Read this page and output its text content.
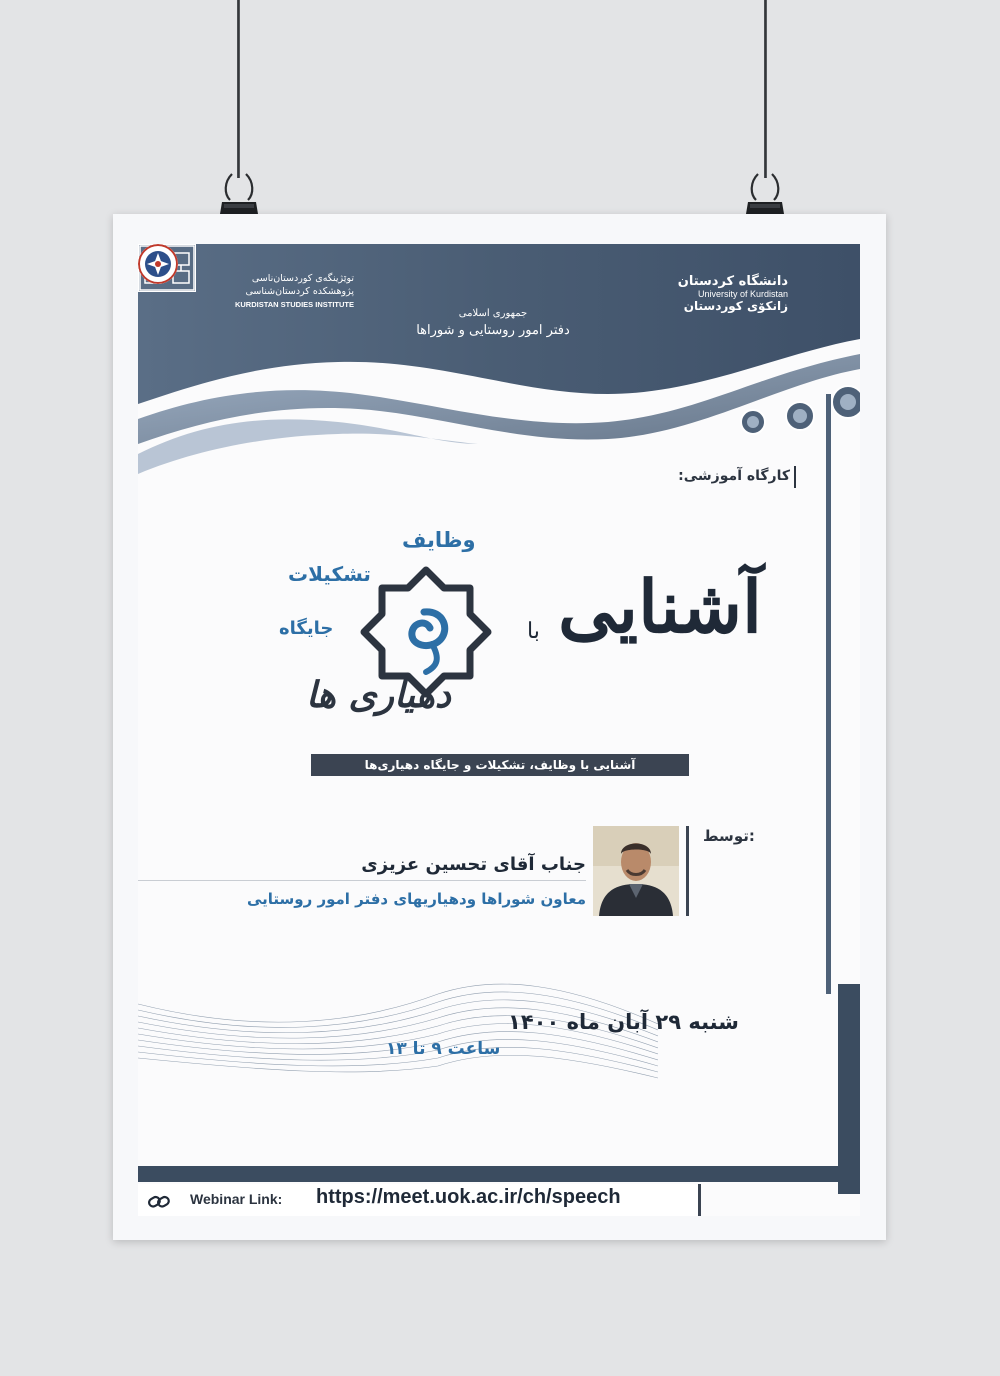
توێژینگەی کوردستان‌ناسی
پژوهشکده کردستان‌شناسی
KURDISTAN STUDIES INSTITUTE
جمهوری اسلامی
دفتر امور روستایی و شوراها
دانشگاه کردستان
University of Kurdistan
زانكۆی كوردستان
کارگاه آموزشی:
آشنایی
با
وظایف
تشکیلات
جایگاه
دهیاری ها
آشنایی با وظایف، تشکیلات و جایگاه دهیاری‌ها
توسط:
جناب آقای تحسین عزیزی
معاون شوراها ودهیاریهای دفتر امور روستایی
شنبه ۲۹ آبان ماه ۱۴۰۰
ساعت ۹ تا ۱۳
Webinar Link: https://meet.uok.ac.ir/ch/speech
